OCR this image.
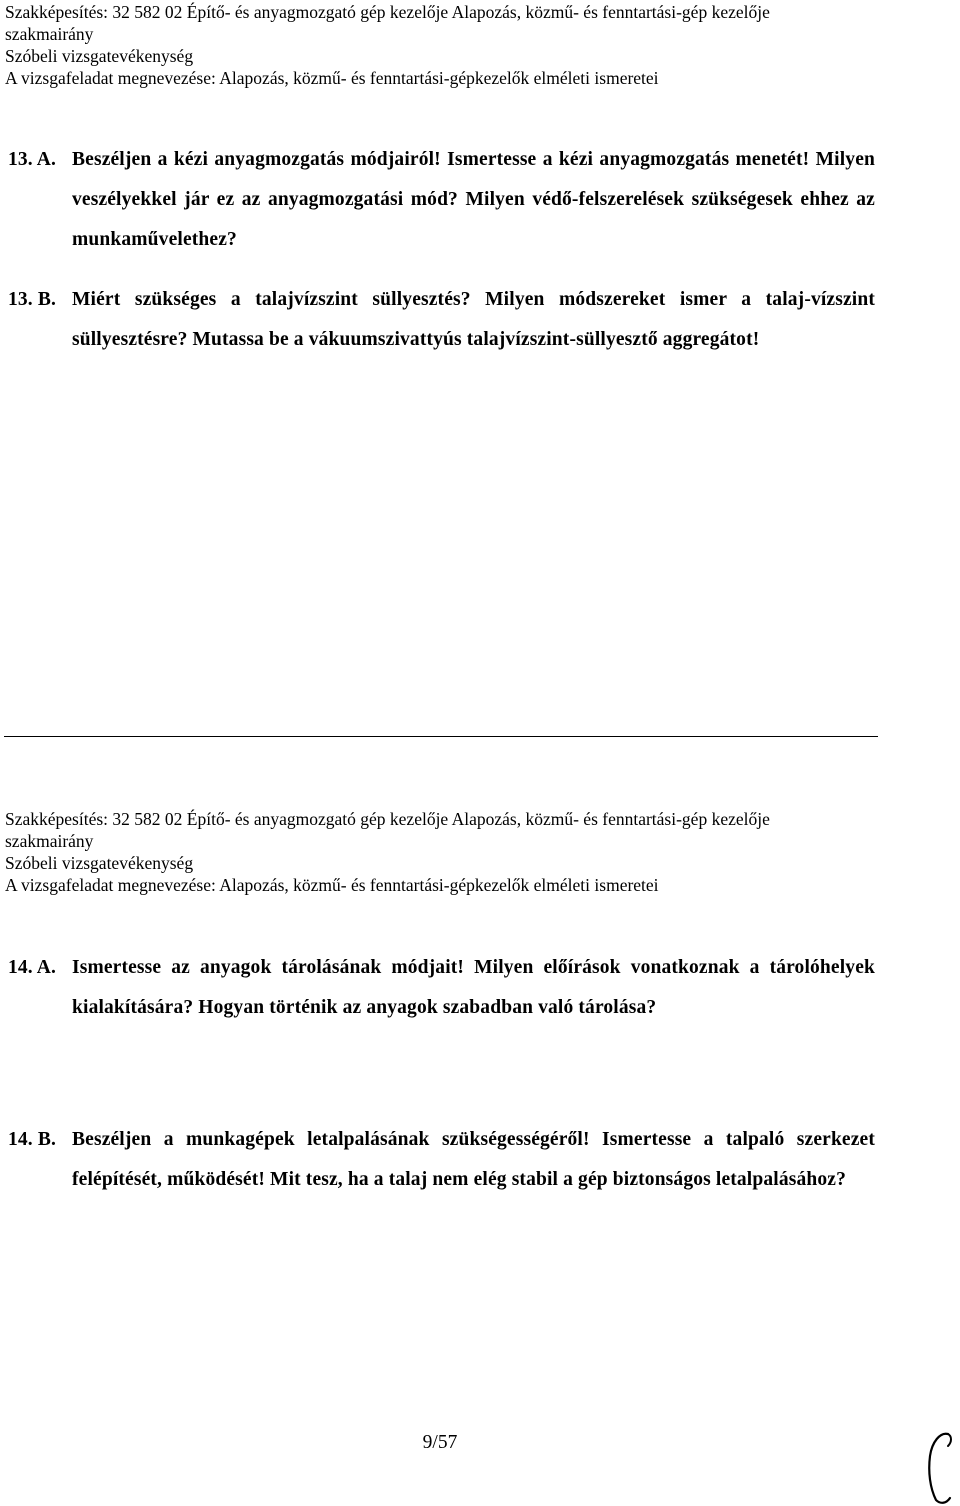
Szakképesítés: 32 582 02 Építő- és anyagmozgató gép kezelője Alapozás, közmű- és fenntartási-gép kezelője
szakmairány
Szóbeli vizsgatevékenység
A vizsgafeladat megnevezése: Alapozás, közmű- és fenntartási-gépkezelők elméleti ismeretei
13. A. Beszéljen a kézi anyagmozgatás módjairól! Ismertesse a kézi anyagmozgatás menetét! Milyen veszélyekkel jár ez az anyagmozgatási mód? Milyen védő-felszerelések szükségesek ehhez az munkaművelethez?
13. B. Miért szükséges a talajvízszint süllyesztés? Milyen módszereket ismer a talaj-vízszint süllyesztésre? Mutassa be a vákuumszivattyús talajvízszint-süllyesztő aggregátot!
Szakképesítés: 32 582 02 Építő- és anyagmozgató gép kezelője Alapozás, közmű- és fenntartási-gép kezelője
szakmairány
Szóbeli vizsgatevékenység
A vizsgafeladat megnevezése: Alapozás, közmű- és fenntartási-gépkezelők elméleti ismeretei
14. A. Ismertesse az anyagok tárolásának módjait! Milyen előírások vonatkoznak a tárolóhelyek kialakítására? Hogyan történik az anyagok szabadban való tárolása?
14. B. Beszéljen a munkagépek letalpalásának szükségességéről! Ismertesse a talpaló szerkezet felépítését, működését! Mit tesz, ha a talaj nem elég stabil a gép biztonságos letalpalásához?
9/57
